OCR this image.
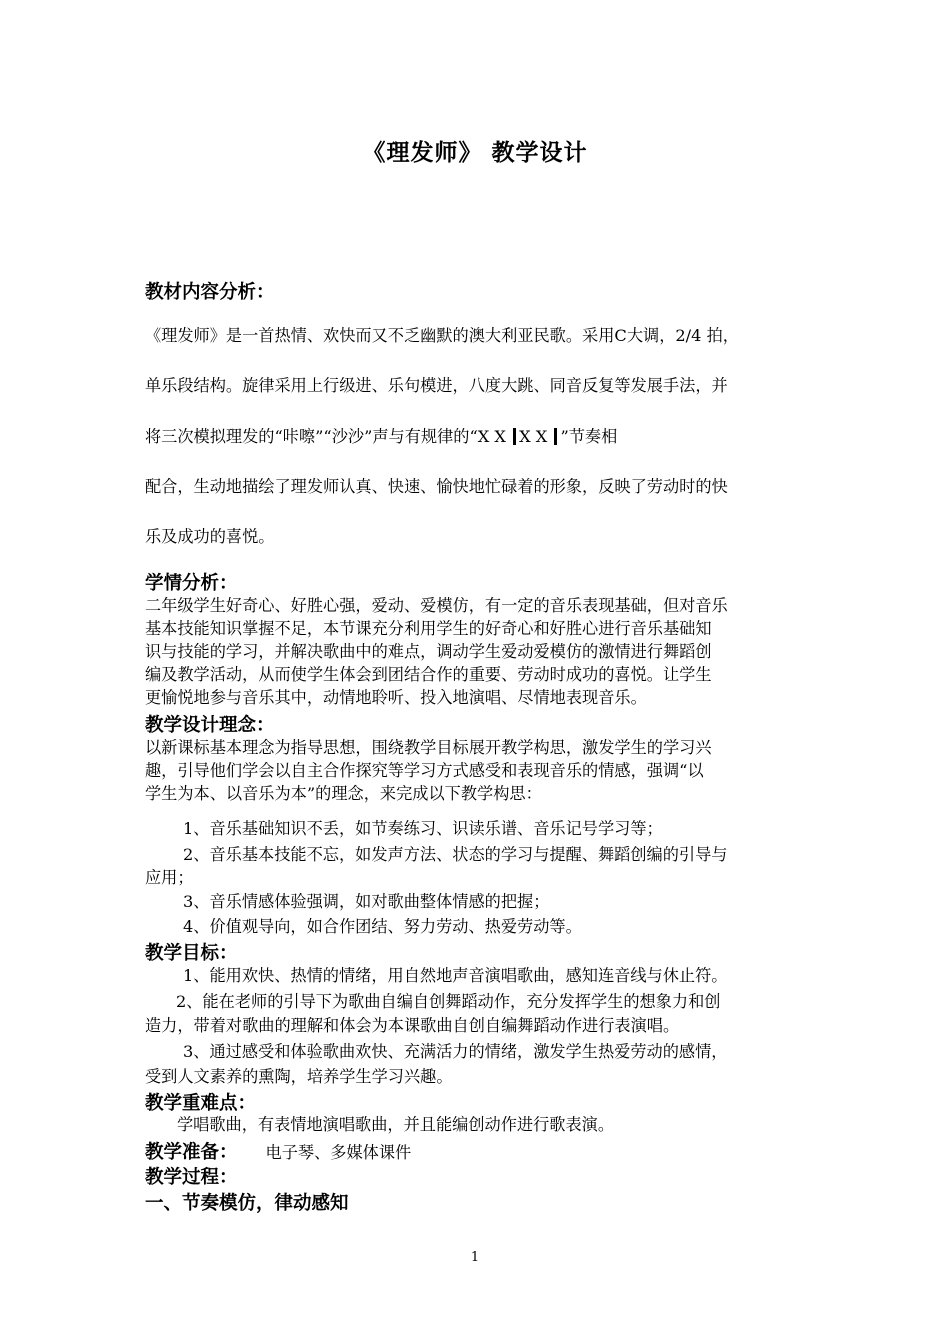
《理发师》 教学设计
教材内容分析：
《理发师》是一首热情、欢快而又不乏幽默的澳大利亚民歌。采用C大调，2/4 拍，
单乐段结构。旋律采用上行级进、乐句模进，八度大跳、同音反复等发展手法，并
将三次模拟理发的“咔嚓”“沙沙”声与有规律的“X X X X ”节奏相
配合，生动地描绘了理发师认真、快速、愉快地忙碌着的形象，反映了劳动时的快
乐及成功的喜悦。
学情分析：
二年级学生好奇心、好胜心强，爱动、爱模仿，有一定的音乐表现基础，但对音乐
基本技能知识掌握不足，本节课充分利用学生的好奇心和好胜心进行音乐基础知
识与技能的学习，并解决歌曲中的难点，调动学生爱动爱模仿的激情进行舞蹈创
编及教学活动，从而使学生体会到团结合作的重要、劳动时成功的喜悦。让学生
更愉悦地参与音乐其中，动情地聆听、投入地演唱、尽情地表现音乐。
教学设计理念：
以新课标基本理念为指导思想，围绕教学目标展开教学构思，激发学生的学习兴
趣，引导他们学会以自主合作探究等学习方式感受和表现音乐的情感，强调“以
学生为本、以音乐为本”的理念，来完成以下教学构思：
1、音乐基础知识不丢，如节奏练习、识读乐谱、音乐记号学习等；
2、音乐基本技能不忘，如发声方法、状态的学习与提醒、舞蹈创编的引导与
应用；
3、音乐情感体验强调，如对歌曲整体情感的把握；
4、价值观导向，如合作团结、努力劳动、热爱劳动等。
教学目标：
1、能用欢快、热情的情绪，用自然地声音演唱歌曲，感知连音线与休止符。
2、能在老师的引导下为歌曲自编自创舞蹈动作，充分发挥学生的想象力和创
造力，带着对歌曲的理解和体会为本课歌曲自创自编舞蹈动作进行表演唱。
3、通过感受和体验歌曲欢快、充满活力的情绪，激发学生热爱劳动的感情，
受到人文素养的熏陶，培养学生学习兴趣。
教学重难点：
学唱歌曲，有表情地演唱歌曲，并且能编创动作进行歌表演。
教学准备： 电子琴、多媒体课件
教学过程：
一、节奏模仿，律动感知
1
